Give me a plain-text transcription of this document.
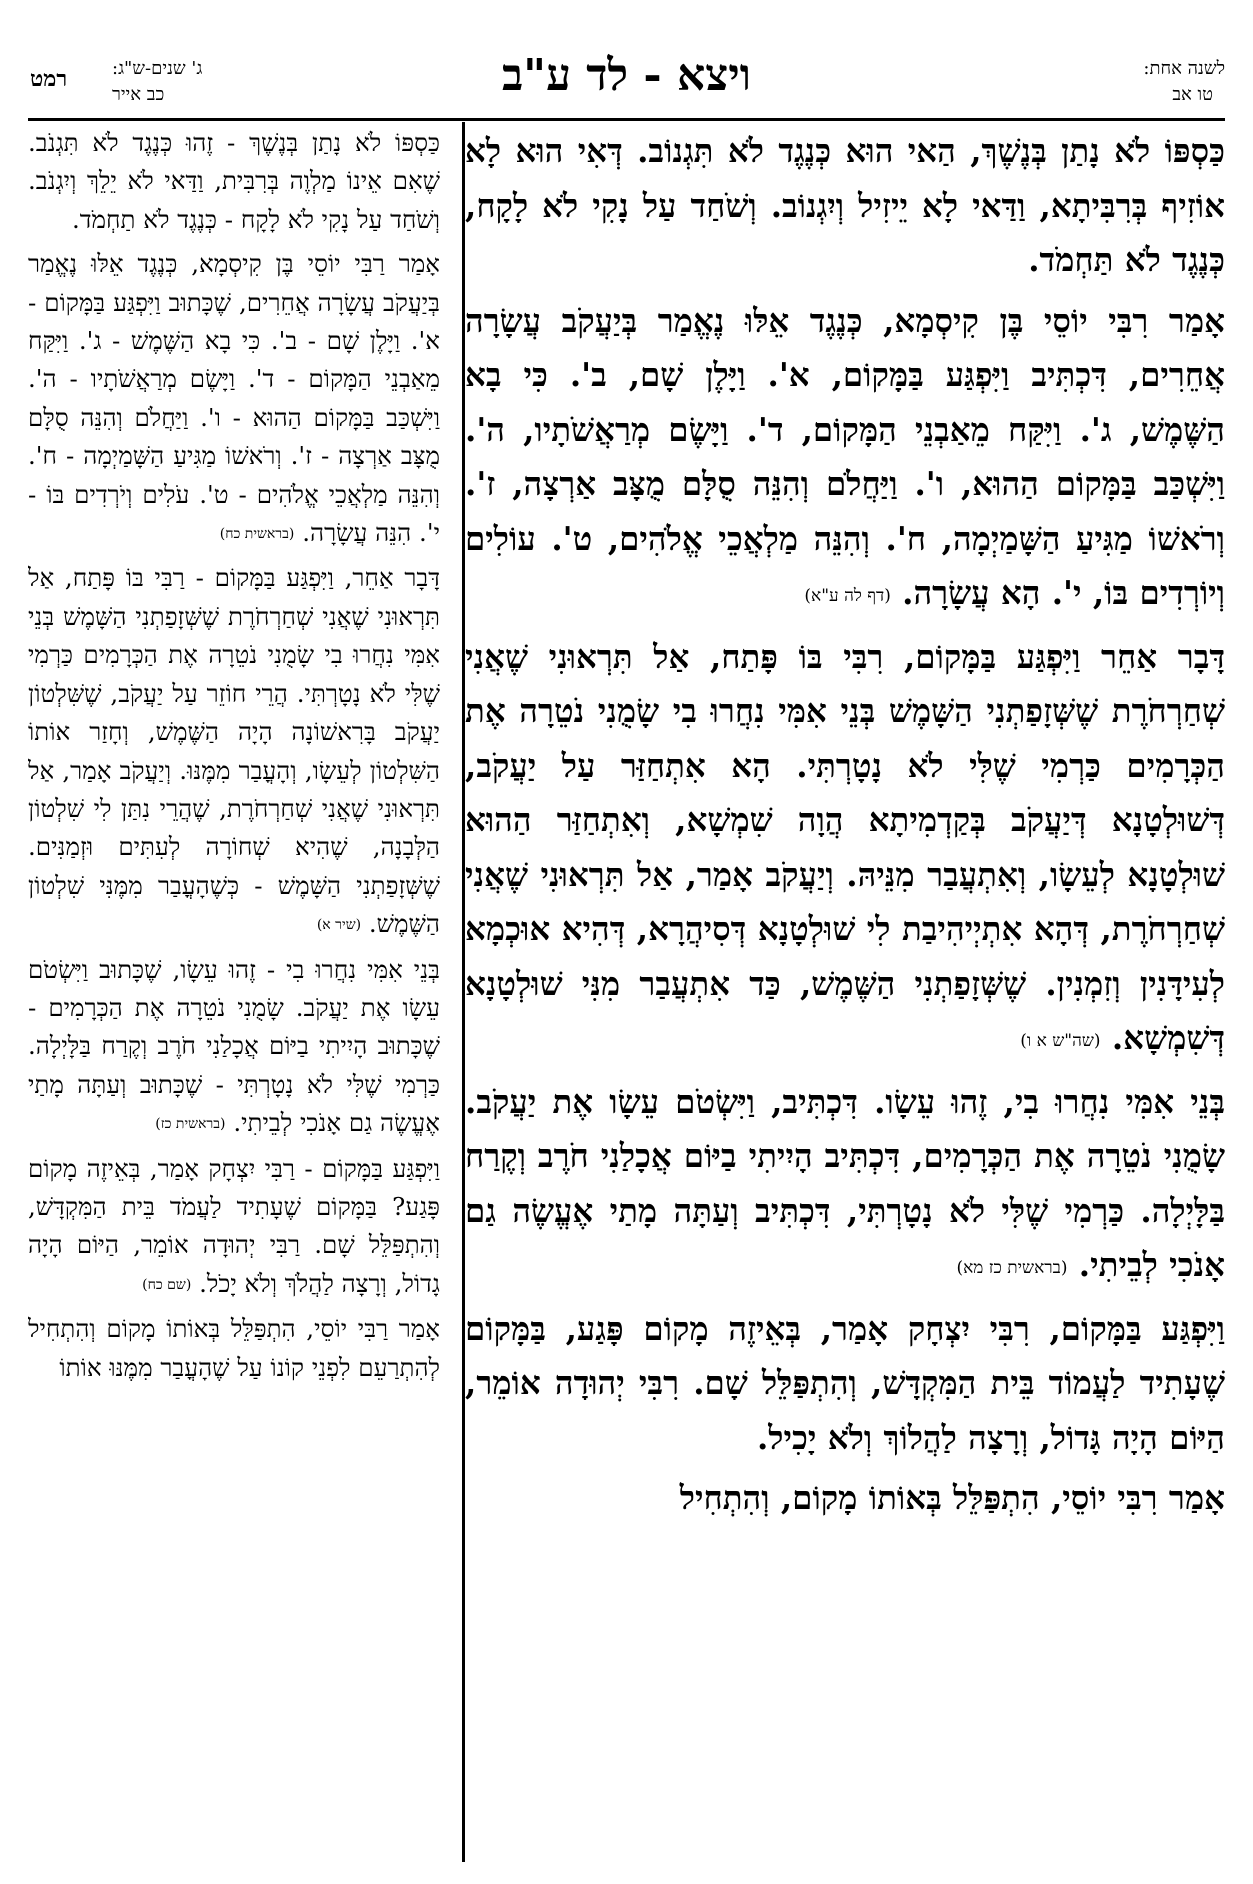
לשנה אחת:
טו אב
ויצא - לד ע"ב
ג' שנים-ש"ג:
כב אייר
רמט

כַּסְפּוֹ לֹא נָתַן בְּנֶשֶׁךְ, הַאי הוּא כְּנֶגֶד לֹא תִּגְנוֹב. דְּאִי הוּא לָא אוֹזִיף בְּרִבִּיתָא, וַדַּאי לָא יֵיזִיל וְיִגְנוֹב. וְשֹׁחַד עַל נָקִי לֹא לָקָח, כְּנֶגֶד לֹא תַּחְמֹד.

אָמַר רִבִּי יוֹסֵי בֶּן קִיסְמָא, כְּנֶגֶד אֵלּוּ נֶאֱמַר בְּיַעֲקֹב עֲשָׂרָה אֲחֵרִים, דִּכְתִּיב וַיִּפְגַּע בַּמָּקוֹם, א'. וַיָּלֶן שָׁם, ב'. כִּי בָא הַשֶּׁמֶשׁ, ג'. וַיִּקַּח מֵאַבְנֵי הַמָּקוֹם, ד'. וַיָּשֶׂם מְרַאֲשֹׁתָיו, ה'. וַיִּשְׁכַּב בַּמָּקוֹם הַהוּא, ו'. וַיַּחֲלֹם וְהִנֵּה סֻלָּם מֻצָּב אַרְצָה, ז'. וְרֹאשׁוֹ מַגִּיעַ הַשָּׁמַיְמָה, ח'. וְהִנֵּה מַלְאֲכֵי אֱלֹהִים, ט'. עוֹלִים וְיוֹרְדִים בּוֹ, י'. הָא עֲשָׂרָה. (דף לה ע"א)

דָּבָר אַחֵר וַיִּפְגַּע בַּמָּקוֹם, רִבִּי בּוֹ פָּתַח, אַל תִּרְאוּנִי שֶׁאֲנִי שְׁחַרְחֹרֶת שֶׁשְּׁזָפַתְנִי הַשָּׁמֶשׁ בְּנֵי אִמִּי נִחֲרוּ בִי שָׂמֻנִי נֹטֵרָה אֶת הַכְּרָמִים כַּרְמִי שֶׁלִּי לֹא נָטָרְתִּי. הָא אִתְחַזַּר עַל יַעֲקֹב, דְּשׁוּלְטָנָא דְּיַעֲקֹב בְּקַדְמִיתָא הֲוָה שִׁמְשָׁא, וְאִתְחַזַּר הַהוּא שׁוּלְטָנָא לְעֵשָׂו, וְאִתְעֲבַר מִנֵּיהּ. וְיַעֲקֹב אָמַר, אַל תִּרְאוּנִי שֶׁאֲנִי שְׁחַרְחֹרֶת, דְּהָא אִתְיְיהִיבַת לִי שׁוּלְטָנָא דְּסִיהֲרָא, דְּהִיא אוּכְמָא לְעִידָּנִין וְזִמְנִין. שֶׁשְּׁזָפַתְנִי הַשֶּׁמֶשׁ, כַּד אִתְעֲבַר מִנִּי שׁוּלְטָנָא דְּשִׁמְשָׁא. (שה"ש א ו)

בְּנֵי אִמִּי נִחֲרוּ בִי, זֶהוּ עֵשָׂו. דִּכְתִּיב, וַיִּשְׂטֹם עֵשָׂו אֶת יַעֲקֹב. שָׂמֻנִי נֹטֵרָה אֶת הַכְּרָמִים, דִּכְתִּיב הָיִיתִי בַיּוֹם אֲכָלַנִי חֹרֶב וְקֶרַח בַּלָּיְלָה. כַּרְמִי שֶׁלִּי לֹא נָטָרְתִּי, דִּכְתִּיב וְעַתָּה מָתַי אֶעֱשֶׂה גַם אָנֹכִי לְבֵיתִי. (בראשית כז מא)

וַיִּפְגַּע בַּמָּקוֹם, רִבִּי יִצְחָק אָמַר, בְּאֵיזֶה מָקוֹם פָּגַע, בַּמָּקוֹם שֶׁעָתִיד לַעֲמוֹד בֵּית הַמִּקְדָּשׁ, וְהִתְפַּלֵּל שָׁם. רִבִּי יְהוּדָה אוֹמֵר, הַיּוֹם הָיָה גָּדוֹל, וְרָצָה לַהֲלוֹךְ וְלֹא יָכִיל.

אָמַר רִבִּי יוֹסֵי, הִתְפַּלֵּל בְּאוֹתוֹ מָקוֹם, וְהִתְחִיל

כַּסְפּוֹ לֹא נָתַן בְּנֶשֶׁךְ - זֶהוּ כְּנֶגֶד לֹא תִּגְנֹב. שֶׁאִם אֵינוֹ מַלְוֶה בְּרִבִּית, וַדַּאי לֹא יֵלֵךְ וְיִגְנֹב. וְשֹׁחַד עַל נָקִי לֹא לָקָח - כְּנֶגֶד לֹא תַחְמֹד.

אָמַר רַבִּי יוֹסֵי בֶּן קִיסְמָא, כְּנֶגֶד אֵלּוּ נֶאֱמַר בְּיַעֲקֹב עֲשָׂרָה אֲחֵרִים, שֶׁכָּתוּב וַיִּפְגַּע בַּמָּקוֹם - א'. וַיָּלֶן שָׁם - ב'. כִּי בָא הַשֶּׁמֶשׁ - ג'. וַיִּקַּח מֵאַבְנֵי הַמָּקוֹם - ד'. וַיָּשֶׂם מְרַאֲשֹׁתָיו - ה'. וַיִּשְׁכַּב בַּמָּקוֹם הַהוּא - ו'. וַיַּחֲלֹם וְהִנֵּה סֻלָּם מֻצָּב אַרְצָה - ז'. וְרֹאשׁוֹ מַגִּיעַ הַשָּׁמַיְמָה - ח'. וְהִנֵּה מַלְאֲכֵי אֱלֹהִים - ט'. עֹלִים וְיֹרְדִים בּוֹ - י'. הִנֵּה עֲשָׂרָה. (בראשית כח)

דָּבָר אַחֵר, וַיִּפְגַּע בַּמָּקוֹם - רַבִּי בּוֹ פָּתַח, אַל תִּרְאוּנִי שֶׁאֲנִי שְׁחַרְחֹרֶת שֶׁשְּׁזָפַתְנִי הַשָּׁמֶשׁ בְּנֵי אִמִּי נִחֲרוּ בִי שָׂמֻנִי נֹטֵרָה אֶת הַכְּרָמִים כַּרְמִי שֶׁלִּי לֹא נָטָרְתִּי. הֲרֵי חוֹזֵר עַל יַעֲקֹב, שֶׁשִּׁלְטוֹן יַעֲקֹב בָּרִאשׁוֹנָה הָיָה הַשֶּׁמֶשׁ, וְחָזַר אוֹתוֹ הַשִּׁלְטוֹן לְעֵשָׂו, וְהָעֳבַר מִמֶּנּוּ. וְיַעֲקֹב אָמַר, אַל תִּרְאוּנִי שֶׁאֲנִי שְׁחַרְחֹרֶת, שֶׁהֲרֵי נִתַּן לִי שִׁלְטוֹן הַלְּבָנָה, שֶׁהִיא שְׁחוֹרָה לְעִתִּים וּזְמַנִּים. שֶׁשְּׁזָפַתְנִי הַשָּׁמֶשׁ - כְּשֶׁהָעֳבַר מִמֶּנִּי שִׁלְטוֹן הַשֶּׁמֶשׁ. (שיר א)

בְּנֵי אִמִּי נִחֲרוּ בִי - זֶהוּ עֵשָׂו, שֶׁכָּתוּב וַיִּשְׂטֹם עֵשָׂו אֶת יַעֲקֹב. שָׂמֻנִי נֹטֵרָה אֶת הַכְּרָמִים - שֶׁכָּתוּב הָיִיתִי בַיּוֹם אֲכָלַנִי חֹרֶב וְקֶרַח בַּלָּיְלָה. כַּרְמִי שֶׁלִּי לֹא נָטָרְתִּי - שֶׁכָּתוּב וְעַתָּה מָתַי אֶעֱשֶׂה גַם אָנֹכִי לְבֵיתִי. (בראשית כז)

וַיִּפְגַּע בַּמָּקוֹם - רַבִּי יִצְחָק אָמַר, בְּאֵיזֶה מָקוֹם פָּגַע? בַּמָּקוֹם שֶׁעָתִיד לַעֲמֹד בֵּית הַמִּקְדָּשׁ, וְהִתְפַּלֵּל שָׁם. רַבִּי יְהוּדָה אוֹמֵר, הַיּוֹם הָיָה גָדוֹל, וְרָצָה לַהֲלֹךְ וְלֹא יָכֹל. (שם כח)

אָמַר רַבִּי יוֹסֵי, הִתְפַּלֵּל בְּאוֹתוֹ מָקוֹם וְהִתְחִיל לְהִתְרַעֵם לִפְנֵי קוֹנוֹ עַל שֶׁהָעֳבַר מִמֶּנּוּ אוֹתוֹ
